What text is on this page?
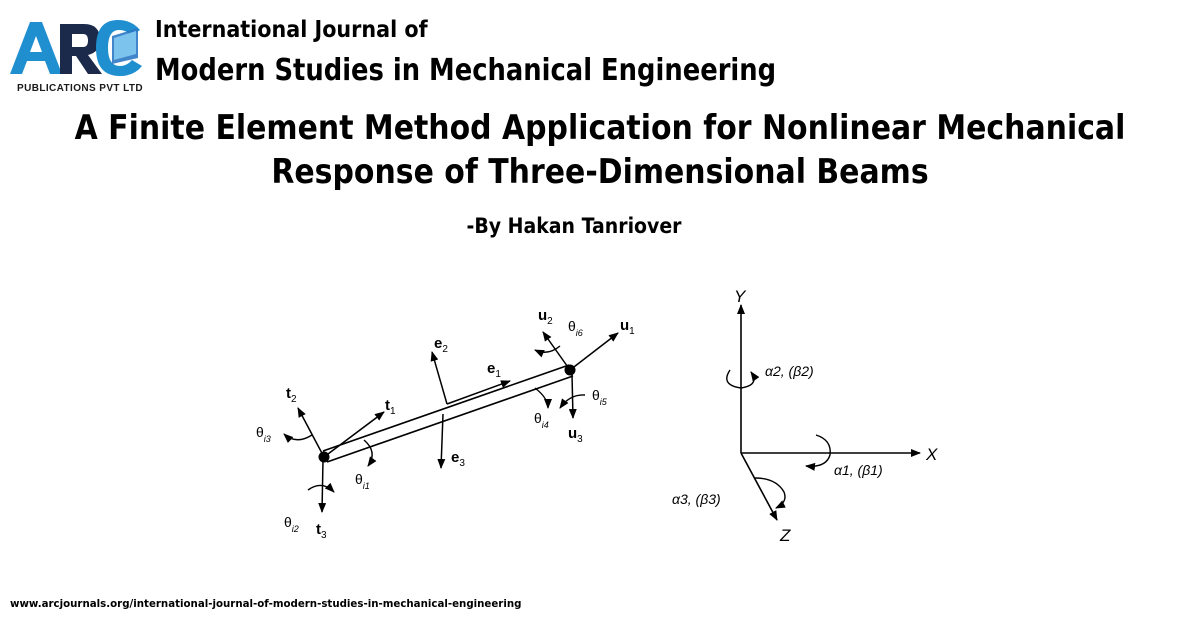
PUBLICATIONS PVT LTD
International Journal of
Modern Studies in Mechanical Engineering
A Finite Element Method Application for Nonlinear Mechanical
Response of Three-Dimensional Beams
-By Hakan Tanriover
$e_2$
$e_1$
$e_3$
$t_2$	$t_1$
$t_3$
$\theta_{i3}$
$\theta_{i1}$
$\theta_{i2}$
$u_2$	$u_1$
$u_3$
$\theta_{i6}$
$\theta_{i5}$
$\theta_{i4}$
Y
X
Z
α2, (β2)
α1, (β1)
α3, (β3)
www.arcjournals.org/international-journal-of-modern-studies-in-mechanical-engineering
